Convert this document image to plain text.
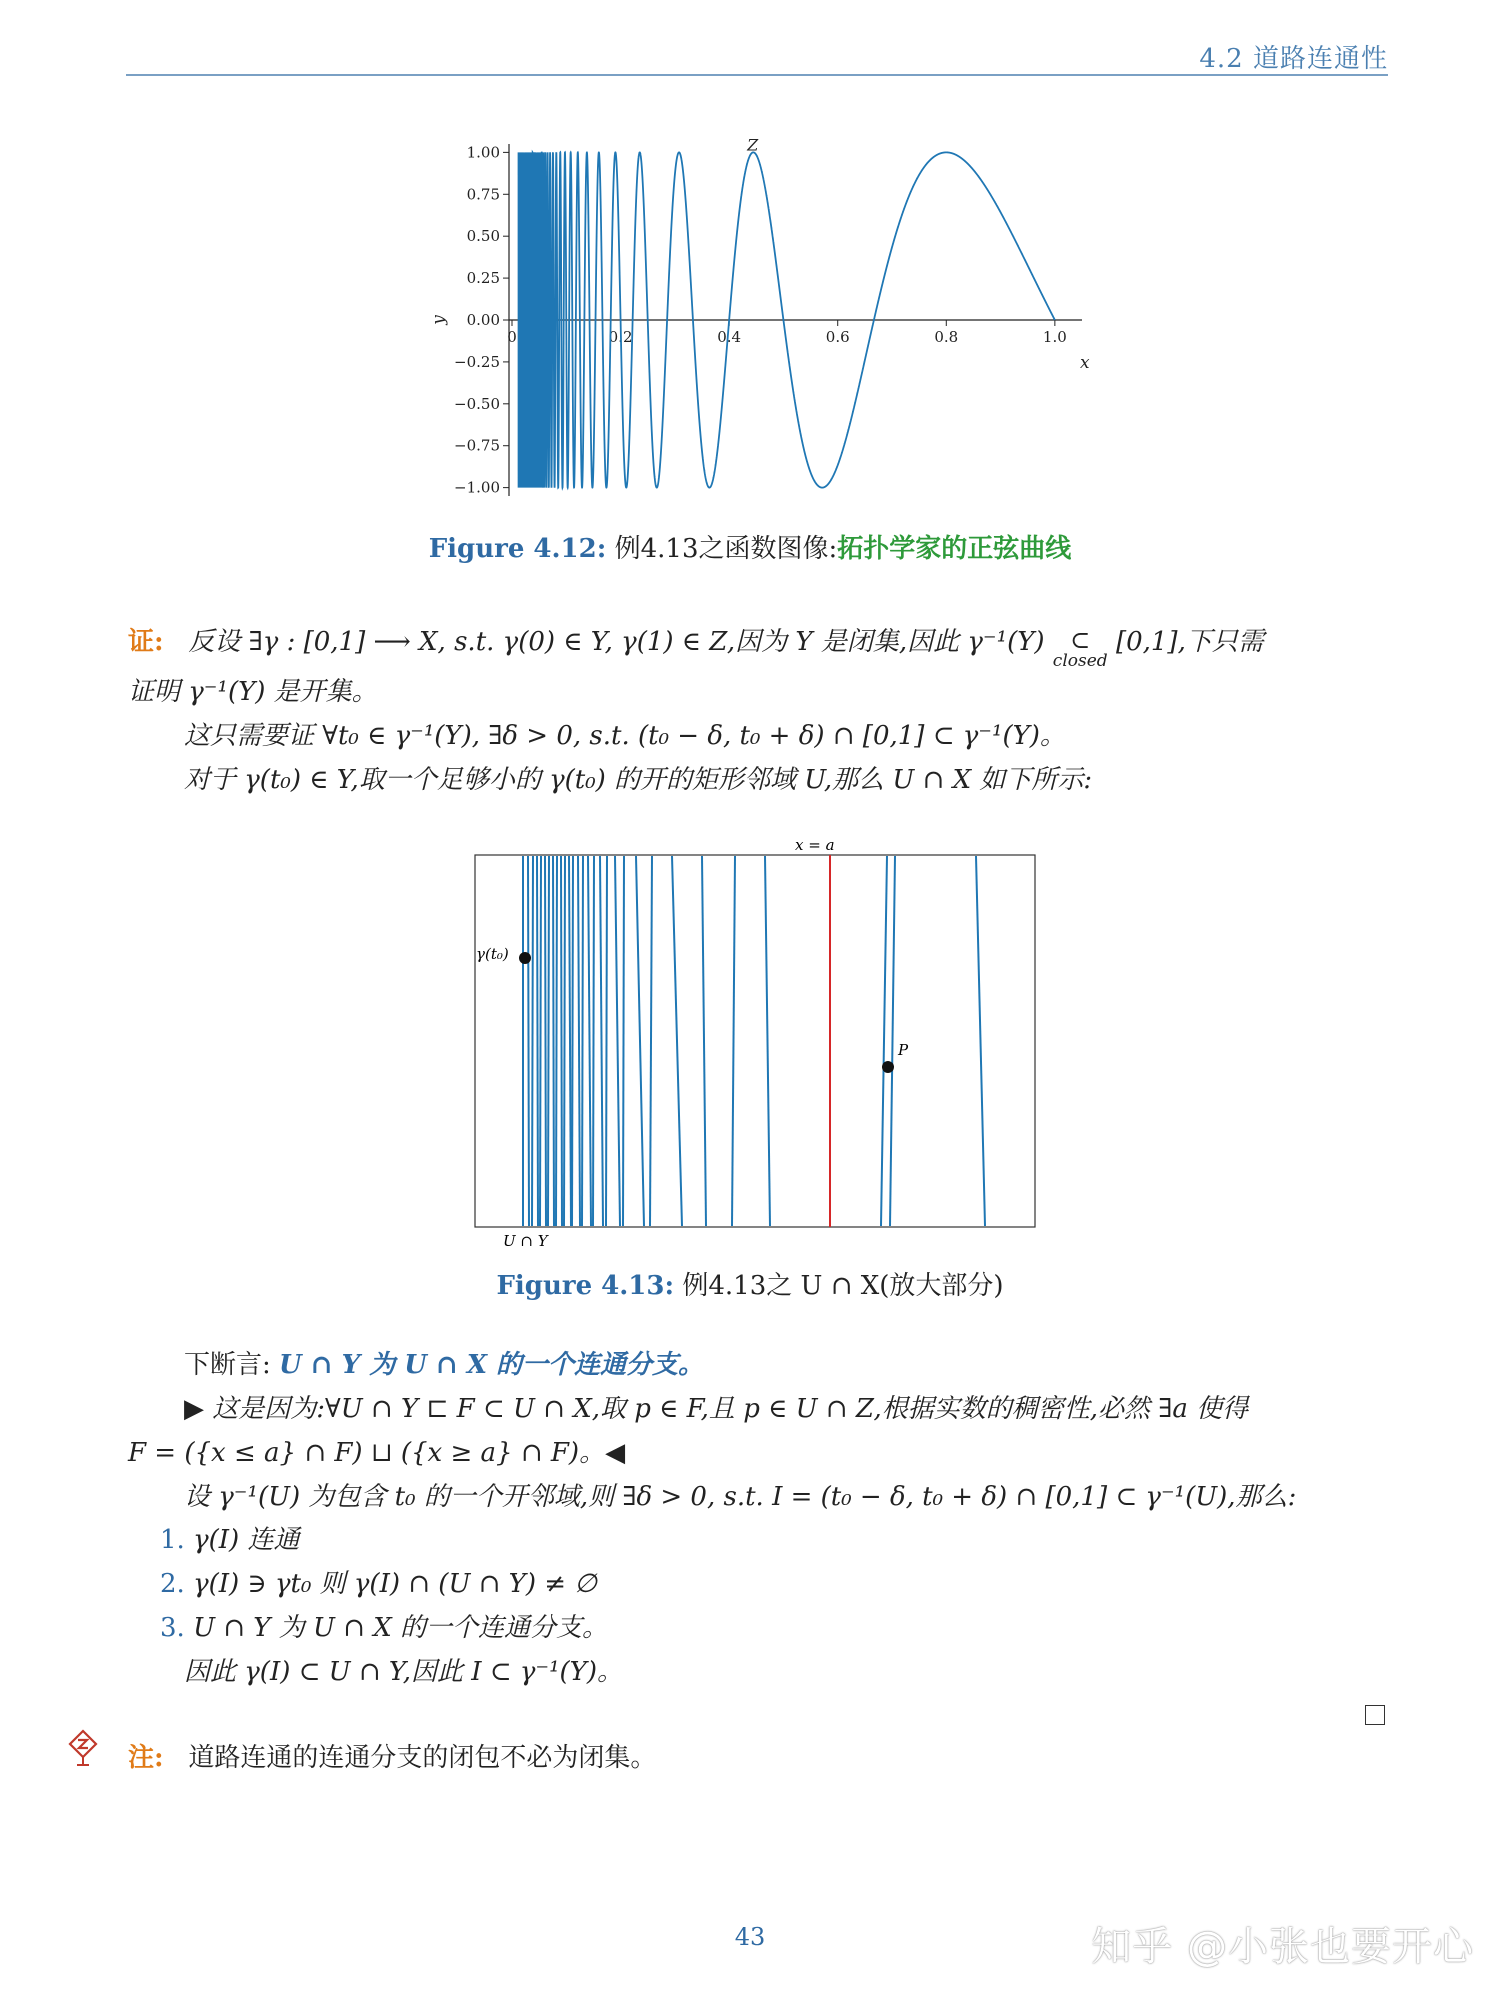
4.2 道路连通性
1.00
0.75
0.50
0.25
0.00
−0.25
−0.50
−0.75
−1.00
0	0.2	0.4	0.6	0.8	1.0
x
y
Z
Figure 4.12: 例4.13之函数图像:拓扑学家的正弦曲线
证: 反设 ∃γ : [0,1] ⟶ X, s.t. γ(0) ∈ Y, γ(1) ∈ Z,因为 Y 是闭集,因此 γ⁻¹(Y) ⊂
closed [0,1],下只需
证明 γ⁻¹(Y) 是开集。
这只需要证 ∀t₀ ∈ γ⁻¹(Y), ∃δ > 0, s.t. (t₀ − δ, t₀ + δ) ∩ [0,1] ⊂ γ⁻¹(Y)。
对于 γ(t₀) ∈ Y,取一个足够小的 γ(t₀) 的开的矩形邻域 U,那么 U ∩ X 如下所示:
x = a
γ(t₀)
P
U ∩ Y
Figure 4.13: 例4.13之 U ∩ X(放大部分)
下断言: U ∩ Y 为 U ∩ X 的一个连通分支。
▶ 这是因为:∀U ∩ Y ⊏ F ⊂ U ∩ X,取 p ∈ F,且 p ∈ U ∩ Z,根据实数的稠密性,必然 ∃a 使得
F = ({x ≤ a} ∩ F) ⊔ ({x ≥ a} ∩ F)。◀
设 γ⁻¹(U) 为包含 t₀ 的一个开邻域,则 ∃δ > 0, s.t. I = (t₀ − δ, t₀ + δ) ∩ [0,1] ⊂ γ⁻¹(U),那么:
1. γ(I) 连通
2. γ(I) ∋ γt₀ 则 γ(I) ∩ (U ∩ Y) ≠ ∅
3. U ∩ Y 为 U ∩ X 的一个连通分支。
因此 γ(I) ⊂ U ∩ Y,因此 I ⊂ γ⁻¹(Y)。
注: 道路连通的连通分支的闭包不必为闭集。
43	知乎 @小张也要开心
